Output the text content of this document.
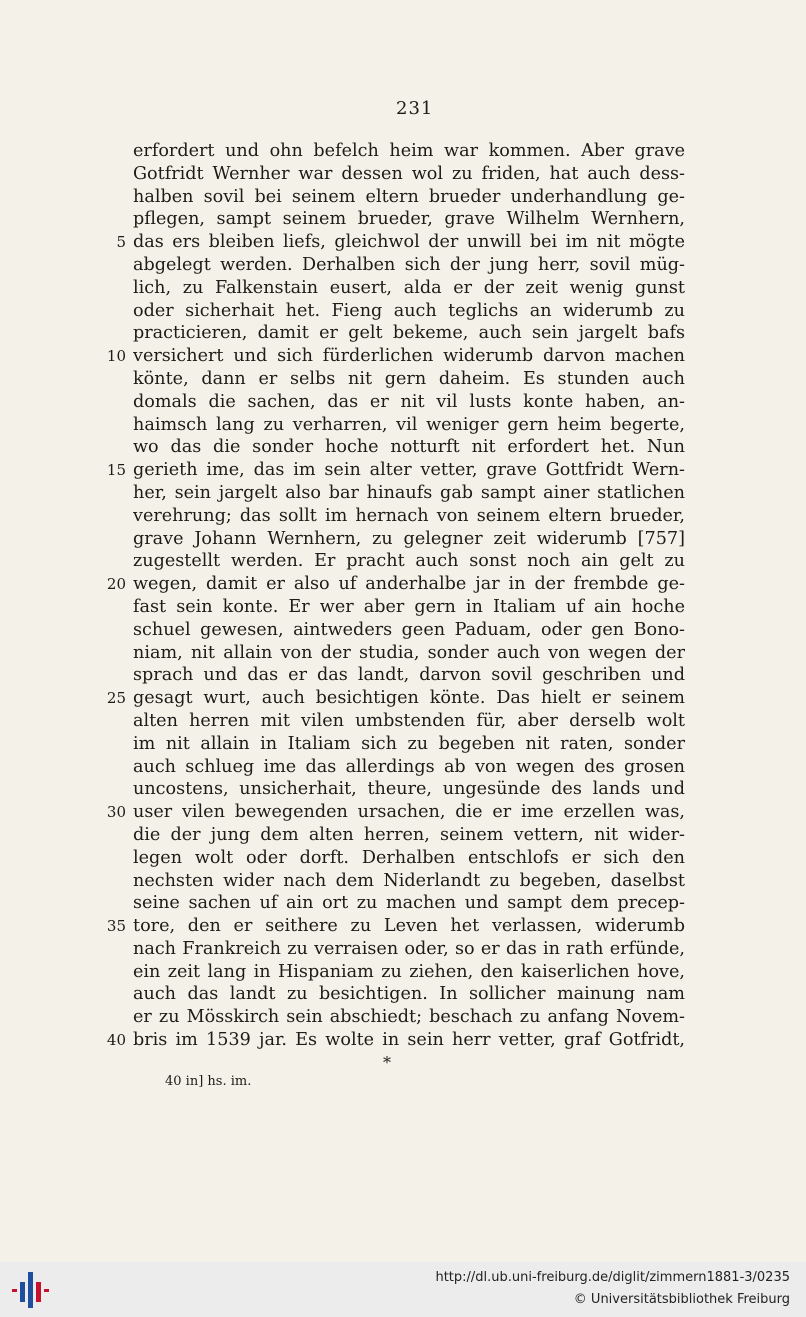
231
erfordert und ohn befelch heim war kommen. Aber grave
Gotfridt Wernher war dessen wol zu friden, hat auch dess-
halben sovil bei seinem eltern brueder underhandlung ge-
pflegen, sampt seinem brueder, grave Wilhelm Wernhern,
5 das ers bleiben liefs, gleichwol der unwill bei im nit mögte
abgelegt werden. Derhalben sich der jung herr, sovil müg-
lich, zu Falkenstain eusert, alda er der zeit wenig gunst
oder sicherhait het. Fieng auch teglichs an widerumb zu
practicieren, damit er gelt bekeme, auch sein jargelt bafs
10 versichert und sich fürderlichen widerumb darvon machen
könte, dann er selbs nit gern daheim. Es stunden auch
domals die sachen, das er nit vil lusts konte haben, an-
haimsch lang zu verharren, vil weniger gern heim begerte,
wo das die sonder hoche notturft nit erfordert het. Nun
15 gerieth ime, das im sein alter vetter, grave Gottfridt Wern-
her, sein jargelt also bar hinaufs gab sampt ainer statlichen
verehrung; das sollt im hernach von seinem eltern brueder,
grave Johann Wernhern, zu gelegner zeit widerumb [757]
zugestellt werden. Er pracht auch sonst noch ain gelt zu
20 wegen, damit er also uf anderhalbe jar in der frembde ge-
fast sein konte. Er wer aber gern in Italiam uf ain hoche
schuel gewesen, aintweders geen Paduam, oder gen Bono-
niam, nit allain von der studia, sonder auch von wegen der
sprach und das er das landt, darvon sovil geschriben und
25 gesagt wurt, auch besichtigen könte. Das hielt er seinem
alten herren mit vilen umbstenden für, aber derselb wolt
im nit allain in Italiam sich zu begeben nit raten, sonder
auch schlueg ime das allerdings ab von wegen des grosen
uncostens, unsicherhait, theure, ungesünde des lands und
30 user vilen bewegenden ursachen, die er ime erzellen was,
die der jung dem alten herren, seinem vettern, nit wider-
legen wolt oder dorft. Derhalben entschlofs er sich den
nechsten wider nach dem Niderlandt zu begeben, daselbst
seine sachen uf ain ort zu machen und sampt dem precep-
35 tore, den er seithere zu Leven het verlassen, widerumb
nach Frankreich zu verraisen oder, so er das in rath erfünde,
ein zeit lang in Hispaniam zu ziehen, den kaiserlichen hove,
auch das landt zu besichtigen. In sollicher mainung nam
er zu Mösskirch sein abschiedt; beschach zu anfang Novem-
40 bris im 1539 jar. Es wolte in sein herr vetter, graf Gotfridt,
*
40 in] hs. im.
http://dl.ub.uni-freiburg.de/diglit/zimmern1881-3/0235
© Universitätsbibliothek Freiburg
